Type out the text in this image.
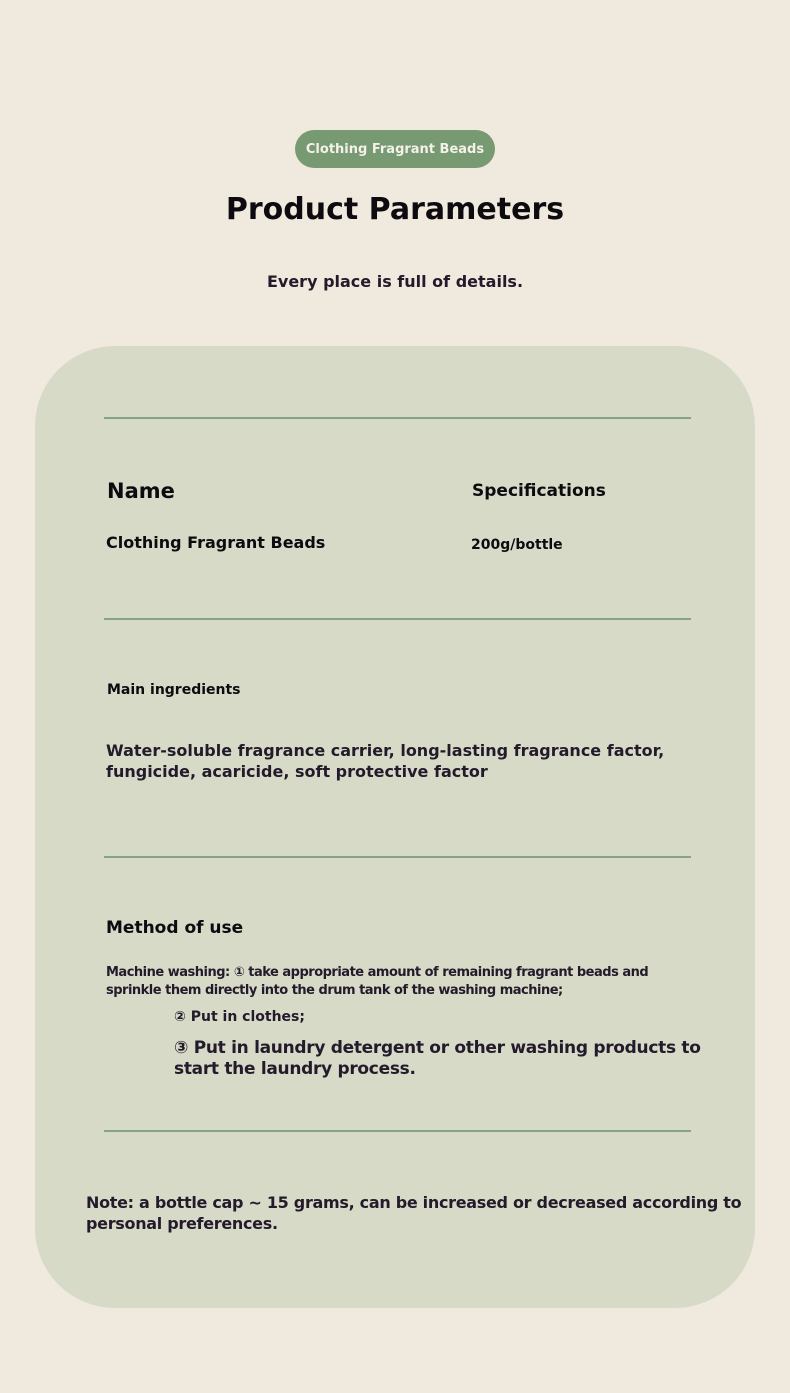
Clothing Fragrant Beads
Product Parameters
Every place is full of details.
Name	Specifications
Clothing Fragrant Beads	200g/bottle
Main ingredients
Water-soluble fragrance carrier, long-lasting fragrance factor,
fungicide, acaricide, soft protective factor
Method of use
Machine washing: ① take appropriate amount of remaining fragrant beads and
sprinkle them directly into the drum tank of the washing machine;
② Put in clothes;
③ Put in laundry detergent or other washing products to
start the laundry process.
Note: a bottle cap ~ 15 grams, can be increased or decreased according to
personal preferences.
